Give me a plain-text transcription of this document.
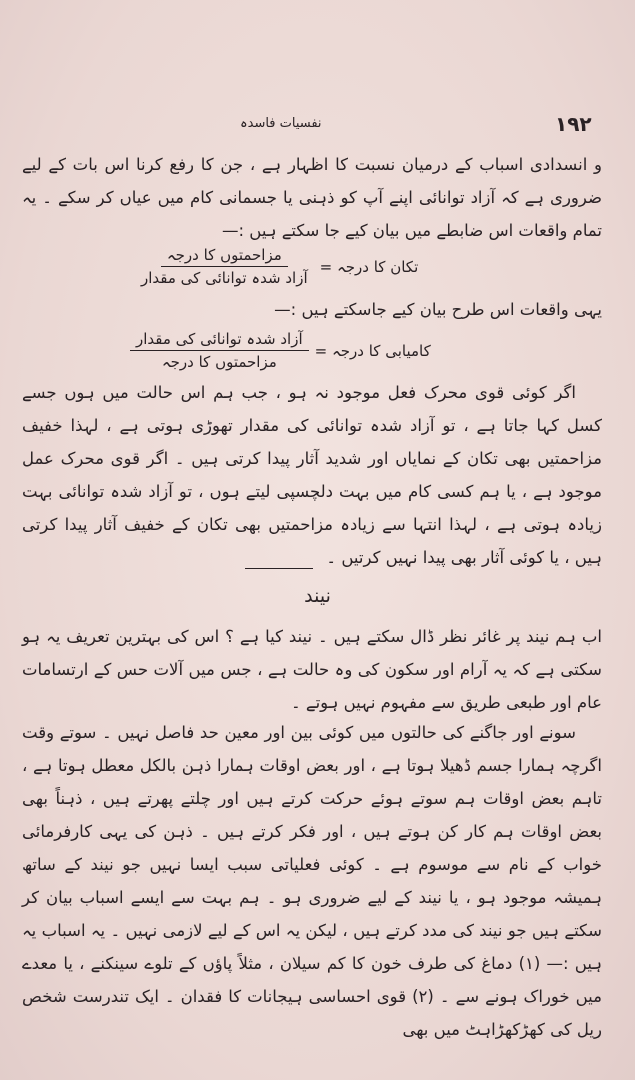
نفسیات فاسدہ	۱۹۲

و انسدادی اسباب کے درمیان نسبت کا اظہار ہے ، جن کا رفع کرنا اس بات کے لیے ضروری ہے کہ آزاد توانائی اپنے آپ کو ذہنی یا جسمانی کام میں عیاں کر سکے ۔ یہ تمام واقعات اس ضابطے میں بیان کیے جا سکتے ہیں :—

تکان کا درجہ =
$\frac{\text{مزاحمتوں کا درجہ}}{\text{آزاد شدہ توانائی کی مقدار}}$

یہی واقعات اس طرح بیان کیے جاسکتے ہیں :—

کامیابی کا درجہ =
$\frac{\text{آزاد شدہ توانائی کی مقدار}}{\text{مزاحمتوں کا درجہ}}$

اگر کوئی قوی محرک فعل موجود نہ ہو ، جب ہم اس حالت میں ہوں جسے کسل کہا جاتا ہے ، تو آزاد شدہ توانائی کی مقدار تھوڑی ہوتی ہے ، لہذا خفیف مزاحمتیں بھی تکان کے نمایاں اور شدید آثار پیدا کرتی ہیں ۔ اگر قوی محرک عمل موجود ہے ، یا ہم کسی کام میں بہت دلچسپی لیتے ہوں ، تو آزاد شدہ توانائی بہت زیادہ ہوتی ہے ، لہذا انتہا سے زیادہ مزاحمتیں بھی تکان کے خفیف آثار پیدا کرتی ہیں ، یا کوئی آثار بھی پیدا نہیں کرتیں ۔

نیند

اب ہم نیند پر غائر نظر ڈال سکتے ہیں ۔ نیند کیا ہے ؟ اس کی بہترین تعریف یہ ہو سکتی ہے کہ یہ آرام اور سکون کی وہ حالت ہے ، جس میں آلات حس کے ارتسامات عام اور طبعی طریق سے مفہوم نہیں ہوتے ۔

سونے اور جاگنے کی حالتوں میں کوئی بین اور معین حد فاصل نہیں ۔ سوتے وقت اگرچہ ہمارا جسم ڈھیلا ہوتا ہے ، اور بعض اوقات ہمارا ذہن بالکل معطل ہوتا ہے ، تاہم بعض اوقات ہم سوتے ہوئے حرکت کرتے ہیں اور چلتے پھرتے ہیں ، ذہناً بھی بعض اوقات ہم کار کن ہوتے ہیں ، اور فکر کرتے ہیں ۔ ذہن کی یہی کارفرمائی خواب کے نام سے موسوم ہے ۔ کوئی فعلیاتی سبب ایسا نہیں جو نیند کے ساتھ ہمیشہ موجود ہو ، یا نیند کے لیے ضروری ہو ۔ ہم بہت سے ایسے اسباب بیان کر سکتے ہیں جو نیند کی مدد کرتے ہیں ، لیکن یہ اس کے لیے لازمی نہیں ۔ یہ اسباب یہ ہیں :— (۱) دماغ کی طرف خون کا کم سیلان ، مثلاً پاؤں کے تلوے سینکنے ، یا معدے میں خوراک ہونے سے ۔ (۲) قوی احساسی ہیجانات کا فقدان ۔ ایک تندرست شخص ریل کی کھڑکھڑاہٹ میں بھی
